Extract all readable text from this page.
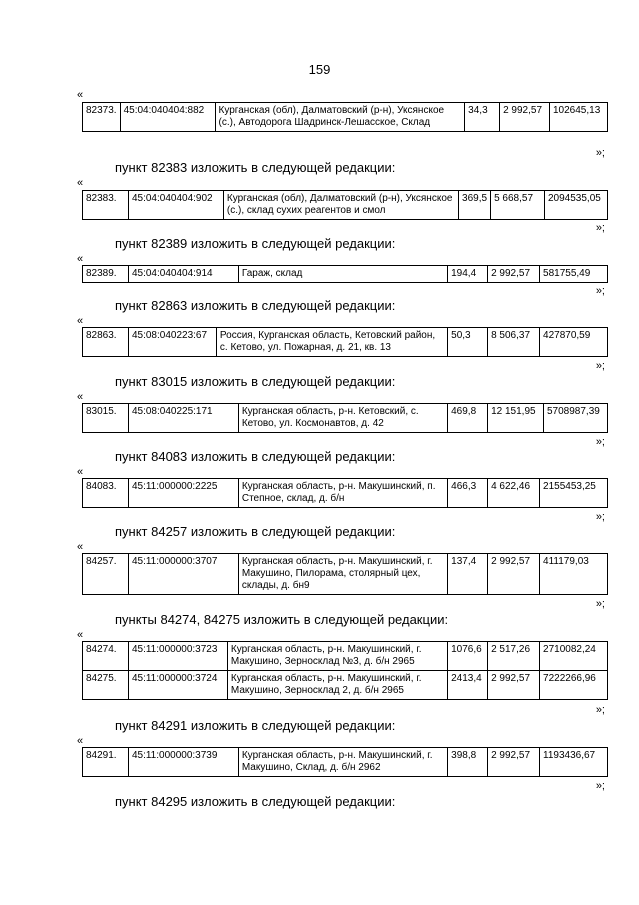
159
«
82373.	45:04:040404:882	Курганская (обл), Далматовский (р-н), Уксянское (с.), Автодорога Шадринск-Лешасское, Склад	34,3	2 992,57	102645,13
»;
пункт 82383 изложить в следующей редакции:
«
82383.	45:04:040404:902	Курганская (обл), Далматовский (р-н), Уксянское (с.), склад сухих реагентов и смол	369,5	5 668,57	2094535,05
»;
пункт 82389 изложить в следующей редакции:
«
82389.	45:04:040404:914	Гараж, склад	194,4	2 992,57	581755,49
»;
пункт 82863 изложить в следующей редакции:
«
82863.	45:08:040223:67	Россия, Курганская область, Кетовский район, с. Кетово, ул. Пожарная, д. 21, кв. 13	50,3	8 506,37	427870,59
»;
пункт 83015 изложить в следующей редакции:
«
83015.	45:08:040225:171	Курганская область, р-н. Кетовский, с. Кетово, ул. Космонавтов, д. 42	469,8	12 151,95	5708987,39
»;
пункт 84083 изложить в следующей редакции:
«
84083.	45:11:000000:2225	Курганская область, р-н. Макушинский, п. Степное, склад, д. б/н	466,3	4 622,46	2155453,25
»;
пункт 84257 изложить в следующей редакции:
«
84257.	45:11:000000:3707	Курганская область, р-н. Макушинский, г. Макушино, Пилорама, столярный цех, склады, д. бн9	137,4	2 992,57	411179,03
»;
пункты 84274, 84275 изложить в следующей редакции:
«
84274.	45:11:000000:3723	Курганская область, р-н. Макушинский, г. Макушино, Зерносклад №3, д. б/н 2965	1076,6	2 517,26	2710082,24
84275.	45:11:000000:3724	Курганская область, р-н. Макушинский, г. Макушино, Зерносклад 2, д. б/н 2965	2413,4	2 992,57	7222266,96
»;
пункт 84291 изложить в следующей редакции:
«
84291.	45:11:000000:3739	Курганская область, р-н. Макушинский, г. Макушино, Склад, д. б/н 2962	398,8	2 992,57	1193436,67
»;
пункт 84295 изложить в следующей редакции:
